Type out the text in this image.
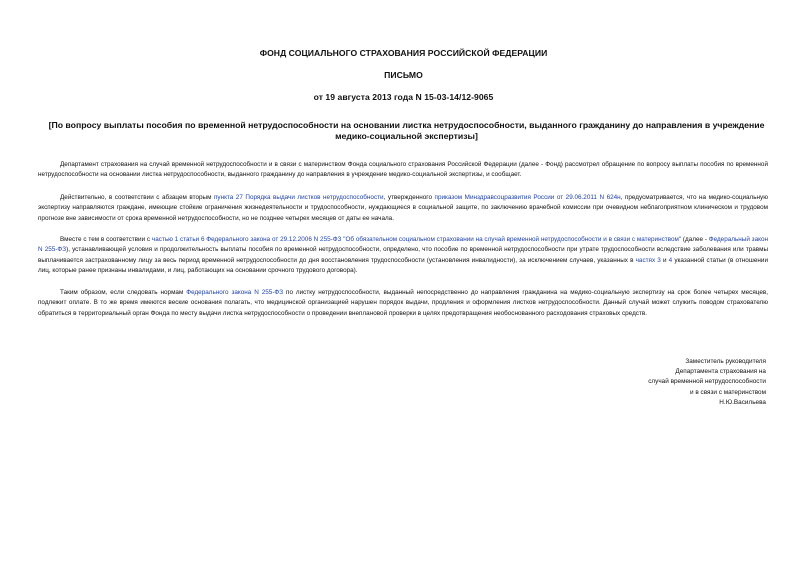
ФОНД СОЦИАЛЬНОГО СТРАХОВАНИЯ РОССИЙСКОЙ ФЕДЕРАЦИИ
ПИСЬМО
от 19 августа 2013 года N 15-03-14/12-9065
[По вопросу выплаты пособия по временной нетрудоспособности на основании листка нетрудоспособности, выданного гражданину до направления в учреждение медико-социальной экспертизы]

Департамент страхования на случай временной нетрудоспособности и в связи с материнством Фонда социального страхования Российской Федерации (далее - Фонд) рассмотрел обращение по вопросу выплаты пособия по временной нетрудоспособности на основании листка нетрудоспособности, выданного гражданину до направления в учреждение медико-социальной экспертизы, и сообщает.

Действительно, в соответствии с абзацем вторым пункта 27 Порядка выдачи листков нетрудоспособности, утвержденного приказом Минздравсоцразвития России от 29.06.2011 N 624н, предусматривается, что на медико-социальную экспертизу направляются граждане, имеющие стойкие ограничения жизнедеятельности и трудоспособности, нуждающиеся в социальной защите, по заключению врачебной комиссии при очевидном неблагоприятном клиническом и трудовом прогнозе вне зависимости от срока временной нетрудоспособности, но не позднее четырех месяцев от даты ее начала.

Вместе с тем в соответствии с частью 1 статьи 6 Федерального закона от 29.12.2006 N 255-ФЗ "Об обязательном социальном страховании на случай временной нетрудоспособности и в связи с материнством" (далее - Федеральный закон N 255-ФЗ), устанавливающей условия и продолжительность выплаты пособия по временной нетрудоспособности, определено, что пособие по временной нетрудоспособности при утрате трудоспособности вследствие заболевания или травмы выплачивается застрахованному лицу за весь период временной нетрудоспособности до дня восстановления трудоспособности (установления инвалидности), за исключением случаев, указанных в частях 3 и 4 указанной статьи (в отношении лиц, которые ранее признаны инвалидами, и лиц, работающих на основании срочного трудового договора).

Таким образом, если следовать нормам Федерального закона N 255-ФЗ по листку нетрудоспособности, выданный непосредственно до направления гражданина на медико-социальную экспертизу на срок более четырех месяцев, подлежит оплате. В то же время имеются веские основания полагать, что медицинской организацией нарушен порядок выдачи, продления и оформления листков нетрудоспособности. Данный случай может служить поводом страхователю обратиться в территориальный орган Фонда по месту выдачи листка нетрудоспособности о проведении внеплановой проверки в целях предотвращения необоснованного расходования страховых средств.

Заместитель руководителя
Департамента страхования на
случай временной нетрудоспособности
и в связи с материнством
Н.Ю.Васильева
